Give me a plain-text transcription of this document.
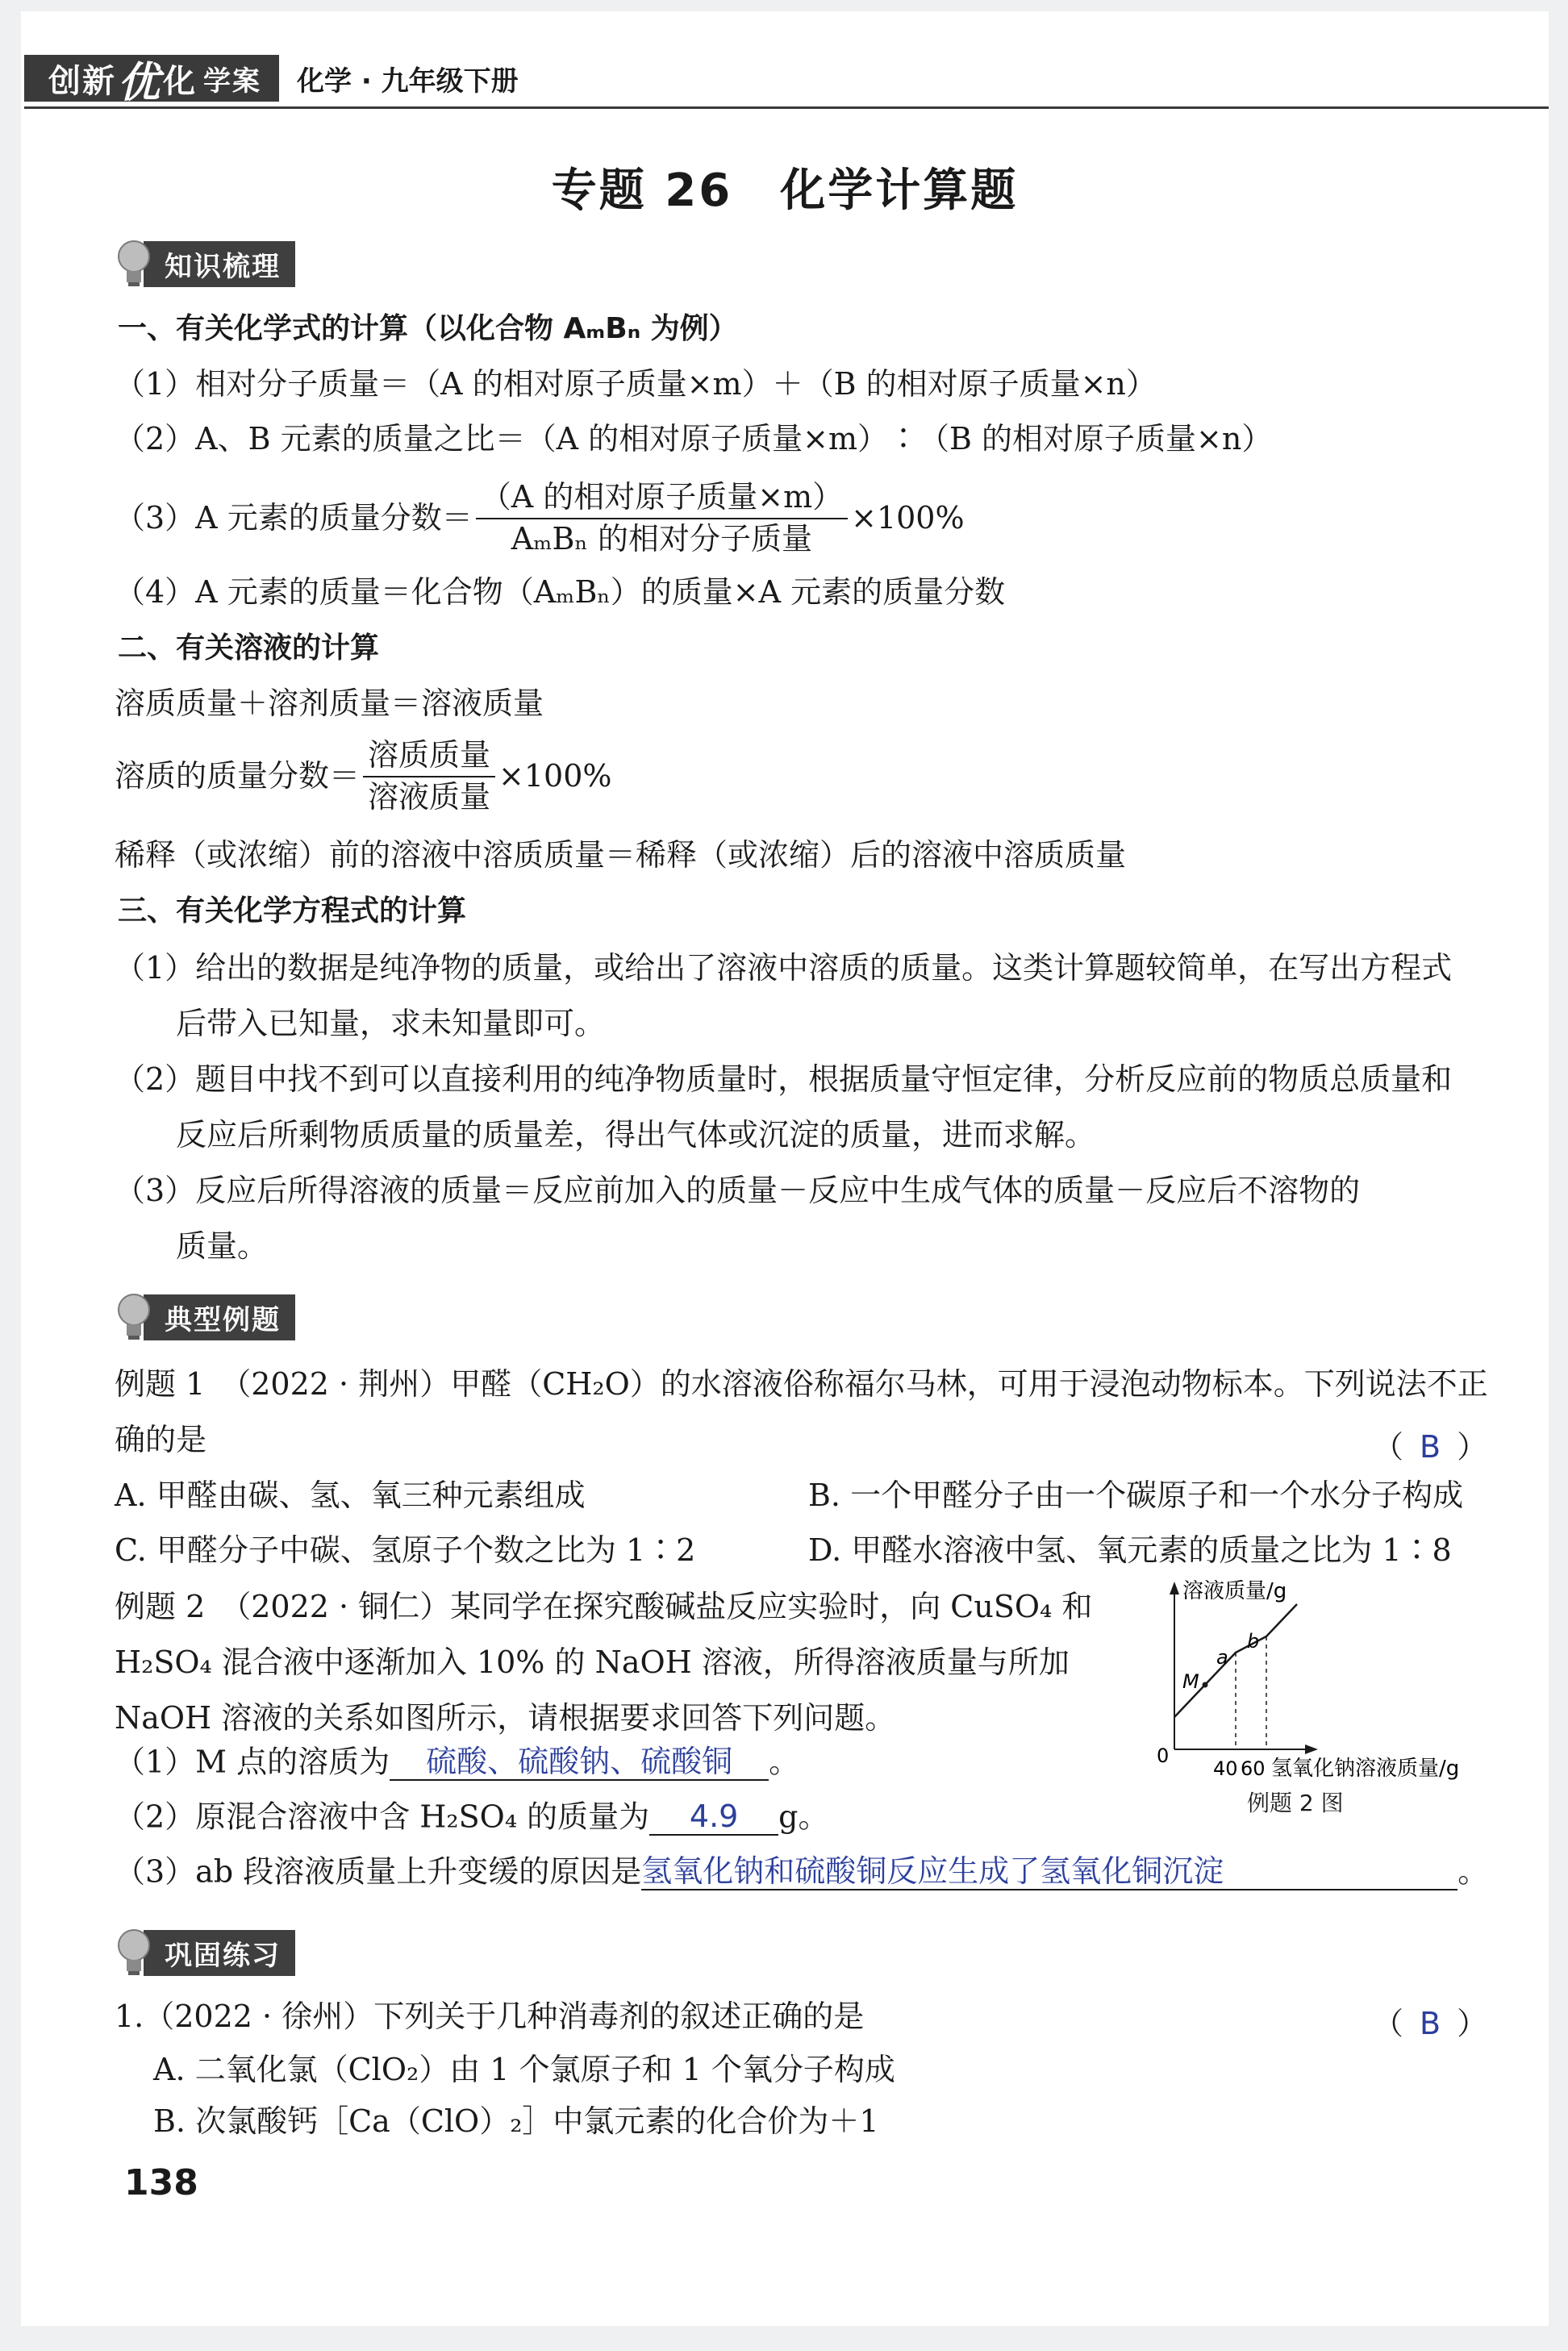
创新 优 化 学案 化学 · 九年级下册
专题 26　化学计算题
知识梳理
一、有关化学式的计算（以化合物 AₘBₙ 为例）
（1）相对分子质量＝（A 的相对原子质量×m）＋（B 的相对原子质量×n）
（2）A、B 元素的质量之比＝（A 的相对原子质量×m）∶（B 的相对原子质量×n）
（3）A 元素的质量分数＝ $\frac{\text{（A 的相对原子质量×m）}}{\text{AₘBₙ 的相对分子质量}} \times 100\%$
（4）A 元素的质量＝化合物（AₘBₙ）的质量×A 元素的质量分数
二、有关溶液的计算
溶质质量＋溶剂质量＝溶液质量
溶质的质量分数＝ $\frac{\text{溶质质量}}{\text{溶液质量}} \times 100\%$
稀释（或浓缩）前的溶液中溶质质量＝稀释（或浓缩）后的溶液中溶质质量
三、有关化学方程式的计算
（1）给出的数据是纯净物的质量，或给出了溶液中溶质的质量。这类计算题较简单，在写出方程式
后带入已知量，求未知量即可。
（2）题目中找不到可以直接利用的纯净物质量时，根据质量守恒定律，分析反应前的物质总质量和
反应后所剩物质质量的质量差，得出气体或沉淀的质量，进而求解。
（3）反应后所得溶液的质量＝反应前加入的质量－反应中生成气体的质量－反应后不溶物的
质量。
典型例题
例题 1　（2022 · 荆州）甲醛（CH₂O）的水溶液俗称福尔马林，可用于浸泡动物标本。下列说法不正
确的是	（ B ）
A. 甲醛由碳、氢、氧三种元素组成	B. 一个甲醛分子由一个碳原子和一个水分子构成
C. 甲醛分子中碳、氢原子个数之比为 1∶2	D. 甲醛水溶液中氢、氧元素的质量之比为 1∶8
例题 2　（2022 · 铜仁）某同学在探究酸碱盐反应实验时，向 CuSO₄ 和
H₂SO₄ 混合液中逐渐加入 10% 的 NaOH 溶液，所得溶液质量与所加
NaOH 溶液的关系如图所示，请根据要求回答下列问题。
溶液质量/g
0
40 60 氢氧化钠溶液质量/g
M
a
b
例题 2 图
（1）M 点的溶质为 硫酸、硫酸钠、硫酸铜 。
（2）原混合溶液中含 H₂SO₄ 的质量为 4.9 g。
（3）ab 段溶液质量上升变缓的原因是氢氧化钠和硫酸铜反应生成了氢氧化铜沉淀	。
巩固练习
1.（2022 · 徐州）下列关于几种消毒剂的叙述正确的是	（ B ）
A. 二氧化氯（ClO₂）由 1 个氯原子和 1 个氧分子构成
B. 次氯酸钙［Ca（ClO）₂］中氯元素的化合价为＋1
138
